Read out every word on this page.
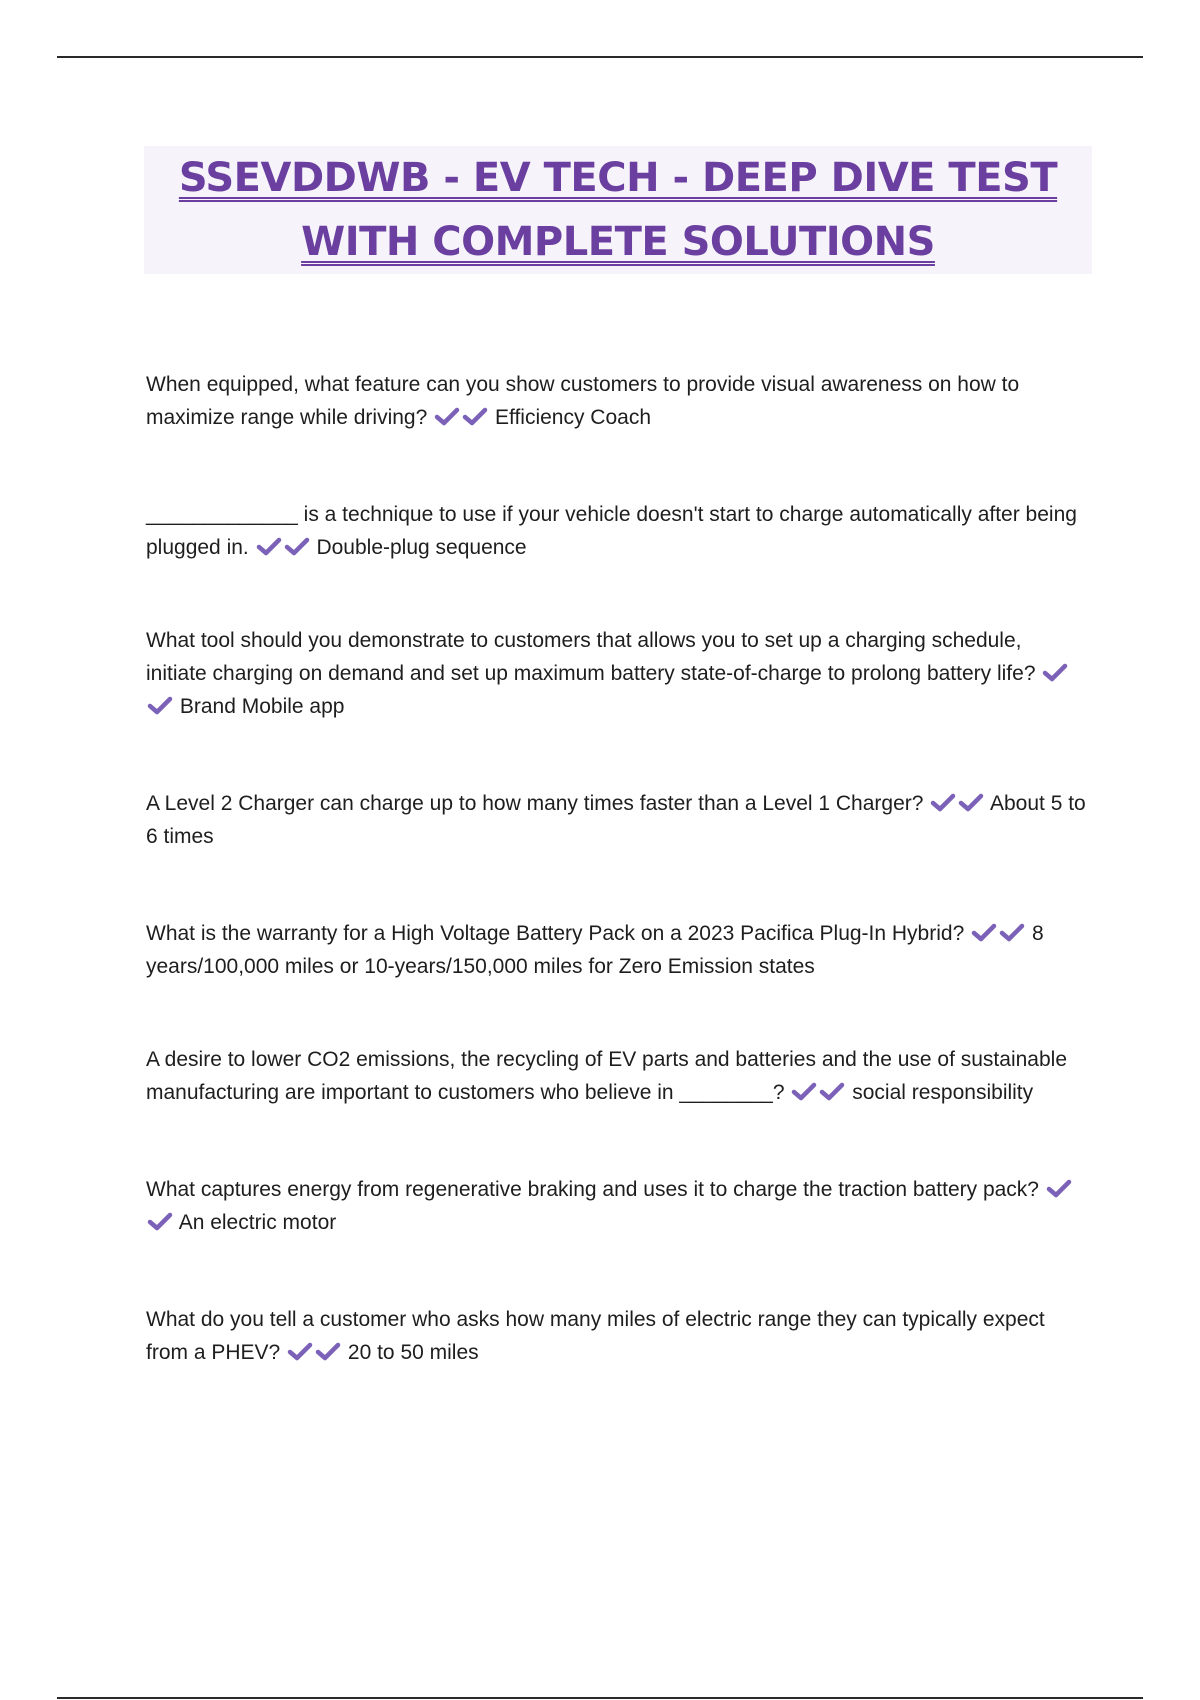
SSEVDDWB - EV TECH - DEEP DIVE TEST
WITH COMPLETE SOLUTIONS

When equipped, what feature can you show customers to provide visual awareness on how to maximize range while driving?	Efficiency Coach

_____________ is a technique to use if your vehicle doesn't start to charge automatically after being plugged in.	Double-plug sequence

What tool should you demonstrate to customers that allows you to set up a charging schedule, initiate charging on demand and set up maximum battery state-of-charge to prolong battery life?
Brand Mobile app

A Level 2 Charger can charge up to how many times faster than a Level 1 Charger?	About 5 to 6 times

What is the warranty for a High Voltage Battery Pack on a 2023 Pacifica Plug-In Hybrid?	8 years/100,000 miles or 10-years/150,000 miles for Zero Emission states

A desire to lower CO2 emissions, the recycling of EV parts and batteries and the use of sustainable manufacturing are important to customers who believe in ________?	social responsibility

What captures energy from regenerative braking and uses it to charge the traction battery pack?
An electric motor

What do you tell a customer who asks how many miles of electric range they can typically expect from a PHEV?	20 to 50 miles
